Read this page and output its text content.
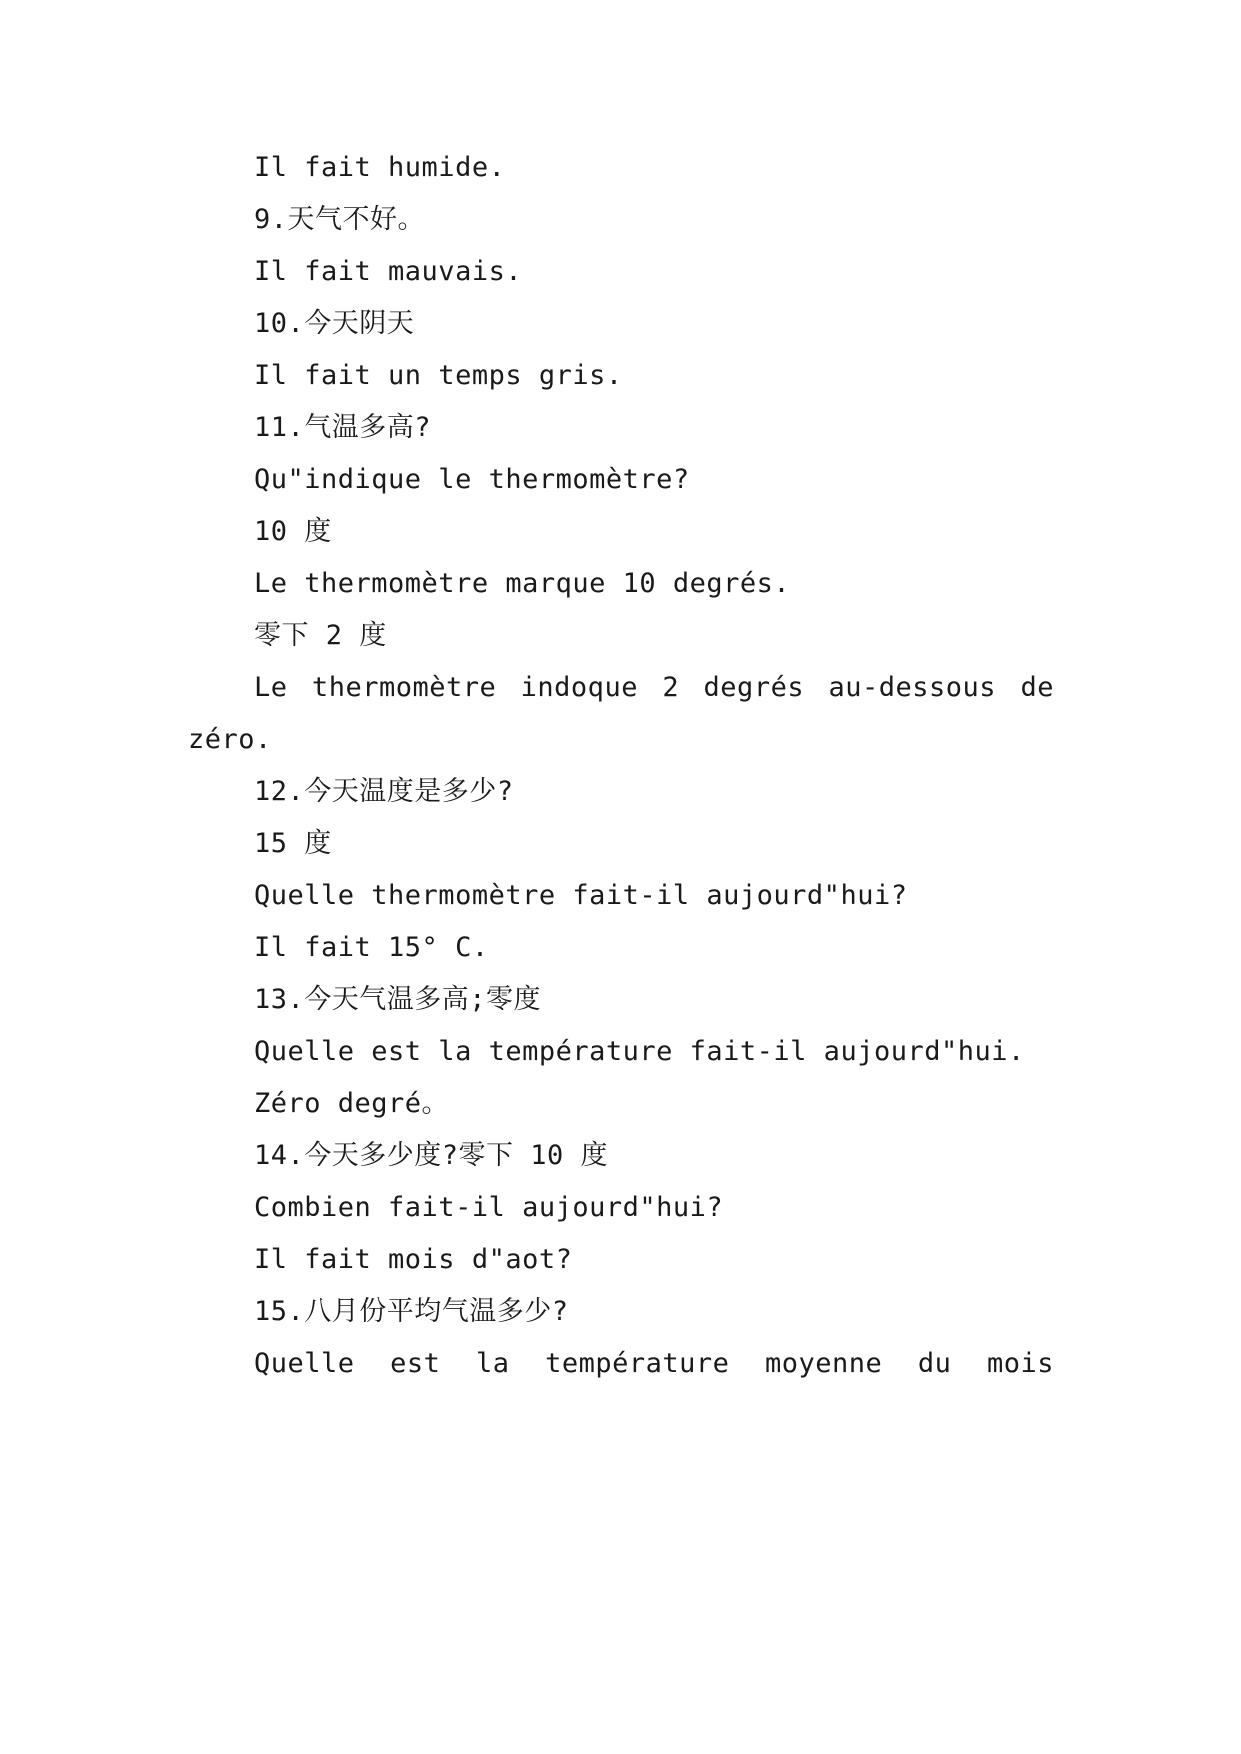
Il fait humide.
9.天气不好。
Il fait mauvais.
10.今天阴天
Il fait un temps gris.
11.气温多高?
Qu"indique le thermomètre?
10 度
Le thermomètre marque 10 degrés.
零下 2 度
Le thermomètre indoque 2 degrés au-dessous de
zéro.
12.今天温度是多少?
15 度
Quelle thermomètre fait-il aujourd"hui?
Il fait 15° C.
13.今天气温多高;零度
Quelle est la température fait-il aujourd"hui.
Zéro degré。
14.今天多少度?零下 10 度
Combien fait-il aujourd"hui?
Il fait mois d"aot?
15.八月份平均气温多少?
Quelle est la température moyenne du mois
